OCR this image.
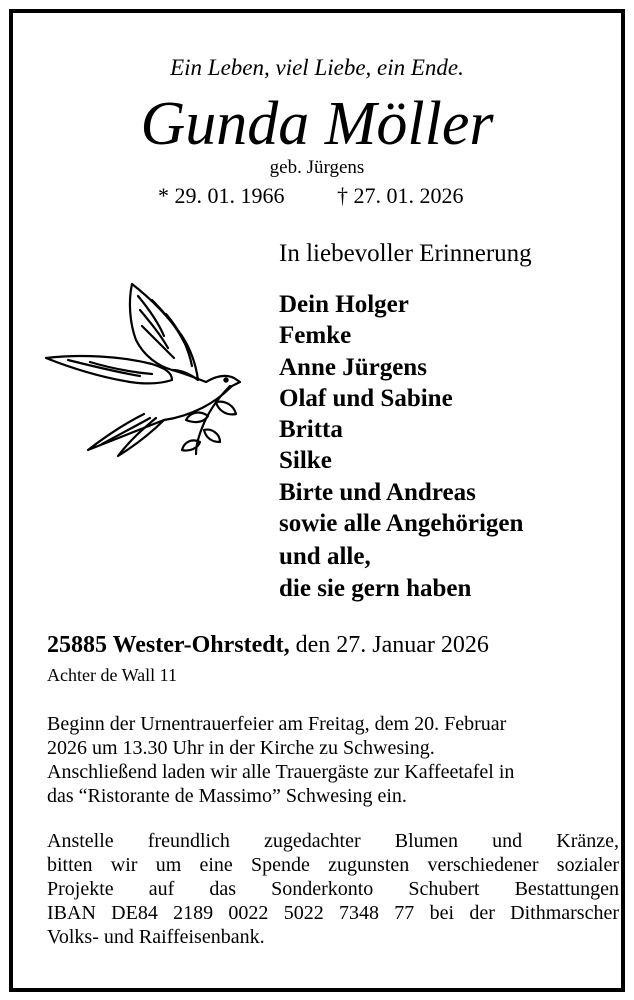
Ein Leben, viel Liebe, ein Ende.
Gunda Möller
geb. Jürgens
* 29. 01. 1966 † 27. 01. 2026
In liebevoller Erinnerung
Dein Holger
Femke
Anne Jürgens
Olaf und Sabine
Britta
Silke
Birte und Andreas
sowie alle Angehörigen
und alle,
die sie gern haben
25885 Wester-Ohrstedt, den 27. Januar 2026
Achter de Wall 11
Beginn der Urnentrauerfeier am Freitag, dem 20. Februar
2026 um 13.30 Uhr in der Kirche zu Schwesing.
Anschließend laden wir alle Trauergäste zur Kaffeetafel in
das “Ristorante de Massimo” Schwesing ein.
Anstelle freundlich zugedachter Blumen und Kränze,
bitten wir um eine Spende zugunsten verschiedener sozialer
Projekte auf das Sonderkonto Schubert Bestattungen
IBAN DE84 2189 0022 5022 7348 77 bei der Dithmarscher
Volks- und Raiffeisenbank.
